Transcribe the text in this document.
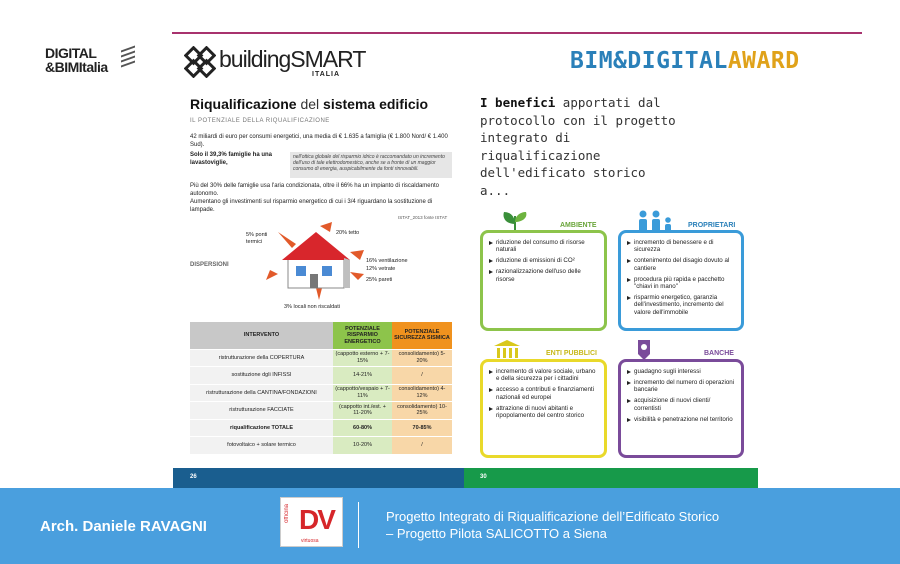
DIGITAL
&BIMItalia	buildingSMART
ITALIA
BIM&DIGITALAWARD
Riqualificazione del sistema edificio
IL POTENZIALE DELLA RIQUALIFICAZIONE
42 miliardi di euro per consumi energetici, una media di € 1.635 a famiglia (€ 1.800 Nord/ € 1.400 Sud).
Solo il 39,3% famiglie ha una lavastoviglie,
nell'ottica globale del risparmio idrico è raccomandato un incremento dell'uso di tale elettrodomestico, anche se a fronte di un maggior consumo di energia, auspicabilmente da fonti rinnovabili.
Più del 30% delle famiglie usa l'aria condizionata, oltre il 66% ha un impianto di riscaldamento autonomo.
Aumentano gli investimenti sul risparmio energetico di cui i 3/4 riguardano la sostituzione di lampade.
ISTAT_2013 fonte ISTAT
DISPERSIONI
5% ponti termici
20% tetto
16% ventilazione
12% vetrate
25% pareti
3% locali non riscaldati
INTERVENTO	POTENZIALE RISPARMIO ENERGETICO	POTENZIALE SICUREZZA SISMICA
ristrutturazione della COPERTURA	(cappotto esterno + 7-15%	consolidamento) 5-20%
sostituzione dgli INFISSI	14-21%	/
ristrutturazione della CANTINA/FONDAZIONI	(cappotto/vespaio + 7-11%	consolidamento) 4-12%
ristrutturazione FACCIATE	(cappotto int./est. + 11-20%	consolidamento) 10-25%
riqualificazione TOTALE	60-80%	70-85%
fotovoltaico + solare termico	10-20%	/
26	30
I benefici apportati dal protocollo con il progetto integrato di riqualificazione dell'edificato storico a...
AMBIENTE
riduzione del consumo di risorse naturali
riduzione di emissioni di CO²
razionalizzazione dell'uso delle risorse
PROPRIETARI
incremento di benessere e di sicurezza
contenimento del disagio dovuto al cantiere
procedura più rapida e pacchetto "chiavi in mano"
risparmio energetico, garanzia dell'investimento, incremento del valore dell'immobile
ENTI PUBBLICI
incremento di valore sociale, urbano e della sicurezza per i cittadini
accesso a contributi e finanziamenti nazionali ed europei
attrazione di nuovi abitanti e ripopolamento del centro storico
BANCHE
guadagno sugli interessi
incremento del numero di operazioni bancarie
acquisizione di nuovi clienti/ correntisti
visibilità e penetrazione nel territorio
Arch. Daniele RAVAGNI
officina DV
virtuosa
Progetto Integrato di Riqualificazione dell’Edificato Storico
– Progetto Pilota SALICOTTO a Siena
